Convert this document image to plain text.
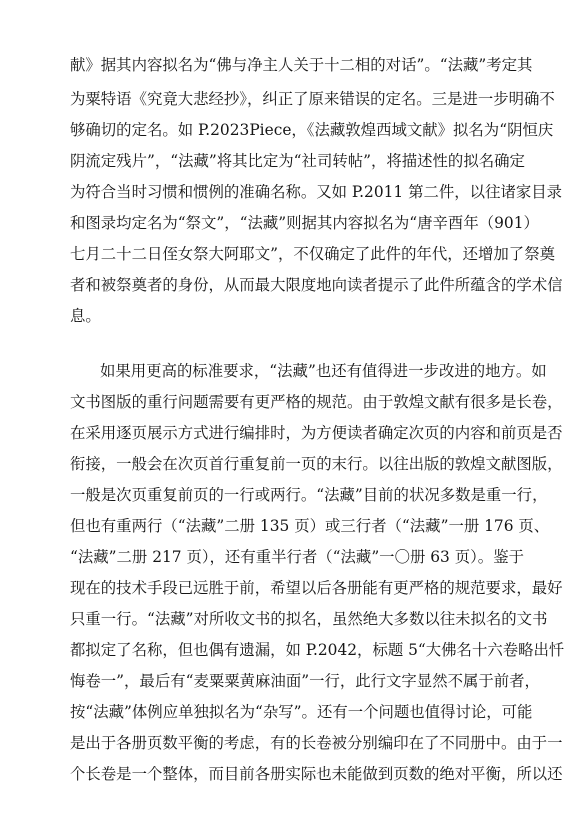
献》据其内容拟名为“佛与净主人关于十二相的对话”。“法藏”考定其
为粟特语《究竟大悲经抄》，纠正了原来错误的定名。三是进一步明确不
够确切的定名。如 P.2023Piece，《法藏敦煌西域文献》拟名为“阴恒庆
阴流定残片”，“法藏”将其比定为“社司转帖”，将描述性的拟名确定
为符合当时习惯和惯例的准确名称。又如 P.2011 第二件，以往诸家目录
和图录均定名为“祭文”，“法藏”则据其内容拟名为“唐辛酉年（901）
七月二十二日侄女祭大阿耶文”，不仅确定了此件的年代，还增加了祭奠
者和被祭奠者的身份，从而最大限度地向读者提示了此件所蕴含的学术信
息。
如果用更高的标准要求，“法藏”也还有值得进一步改进的地方。如
文书图版的重行问题需要有更严格的规范。由于敦煌文献有很多是长卷，
在采用逐页展示方式进行编排时，为方便读者确定次页的内容和前页是否
衔接，一般会在次页首行重复前一页的末行。以往出版的敦煌文献图版，
一般是次页重复前页的一行或两行。“法藏”目前的状况多数是重一行，
但也有重两行（“法藏”二册 135 页）或三行者（“法藏”一册 176 页、
“法藏”二册 217 页），还有重半行者（“法藏”一〇册 63 页）。鉴于
现在的技术手段已远胜于前，希望以后各册能有更严格的规范要求，最好
只重一行。“法藏”对所收文书的拟名，虽然绝大多数以往未拟名的文书
都拟定了名称，但也偶有遗漏，如 P.2042，标题 5“大佛名十六卷略出忏
悔卷一”，最后有“麦粟粟黄麻油面”一行，此行文字显然不属于前者，
按“法藏”体例应单独拟名为“杂写”。还有一个问题也值得讨论，可能
是出于各册页数平衡的考虑，有的长卷被分别编印在了不同册中。由于一
个长卷是一个整体，而目前各册实际也未能做到页数的绝对平衡，所以还
